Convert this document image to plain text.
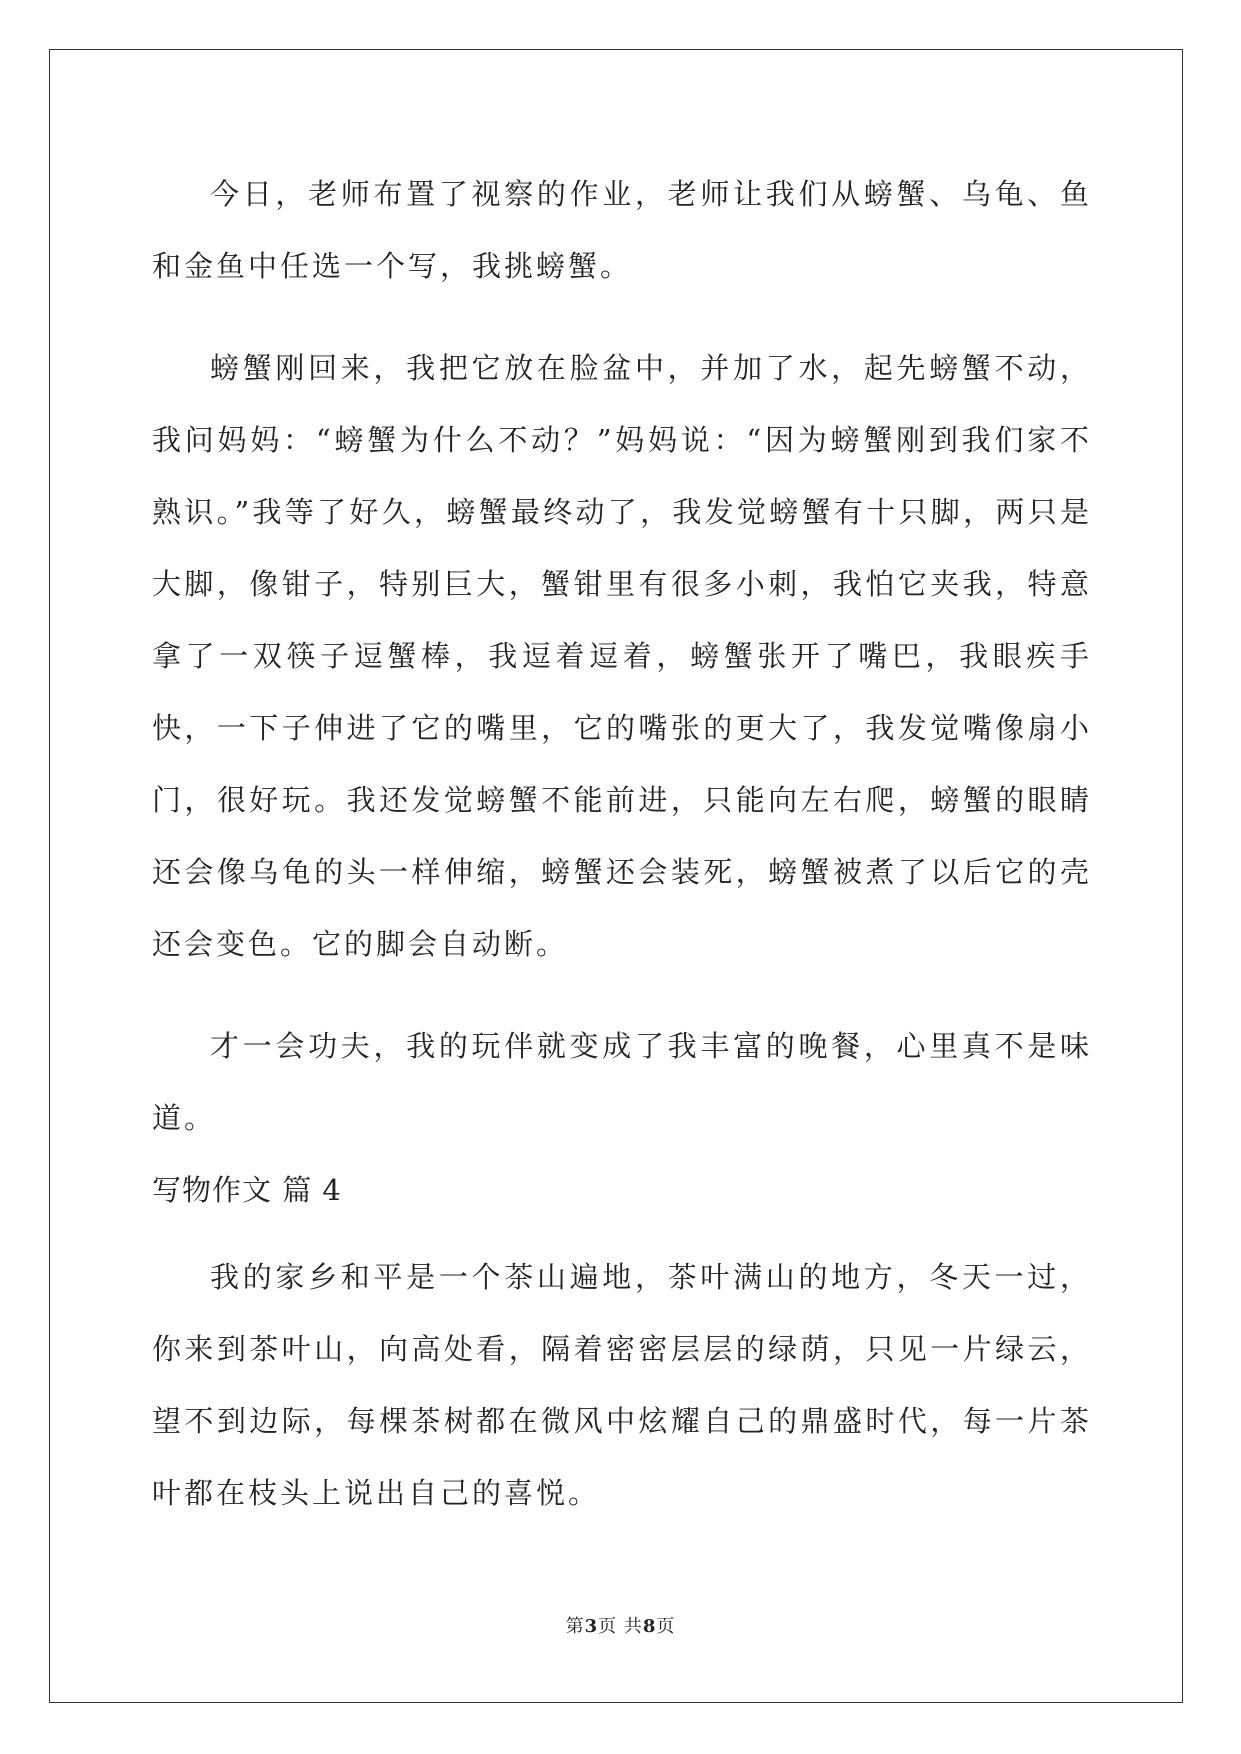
今日，老师布置了视察的作业，老师让我们从螃蟹、乌龟、鱼和金鱼中任选一个写，我挑螃蟹。

螃蟹刚回来，我把它放在脸盆中，并加了水，起先螃蟹不动，我问妈妈：“螃蟹为什么不动？”妈妈说：“因为螃蟹刚到我们家不熟识。”我等了好久，螃蟹最终动了，我发觉螃蟹有十只脚，两只是大脚，像钳子，特别巨大，蟹钳里有很多小刺，我怕它夹我，特意拿了一双筷子逗蟹棒，我逗着逗着，螃蟹张开了嘴巴，我眼疾手快，一下子伸进了它的嘴里，它的嘴张的更大了，我发觉嘴像扇小门，很好玩。我还发觉螃蟹不能前进，只能向左右爬，螃蟹的眼睛还会像乌龟的头一样伸缩，螃蟹还会装死，螃蟹被煮了以后它的壳还会变色。它的脚会自动断。

才一会功夫，我的玩伴就变成了我丰富的晚餐，心里真不是味道。

写物作文 篇 4

我的家乡和平是一个茶山遍地，茶叶满山的地方，冬天一过，你来到茶叶山，向高处看，隔着密密层层的绿荫，只见一片绿云，望不到边际，每棵茶树都在微风中炫耀自己的鼎盛时代，每一片茶叶都在枝头上说出自己的喜悦。

第3页 共8页
